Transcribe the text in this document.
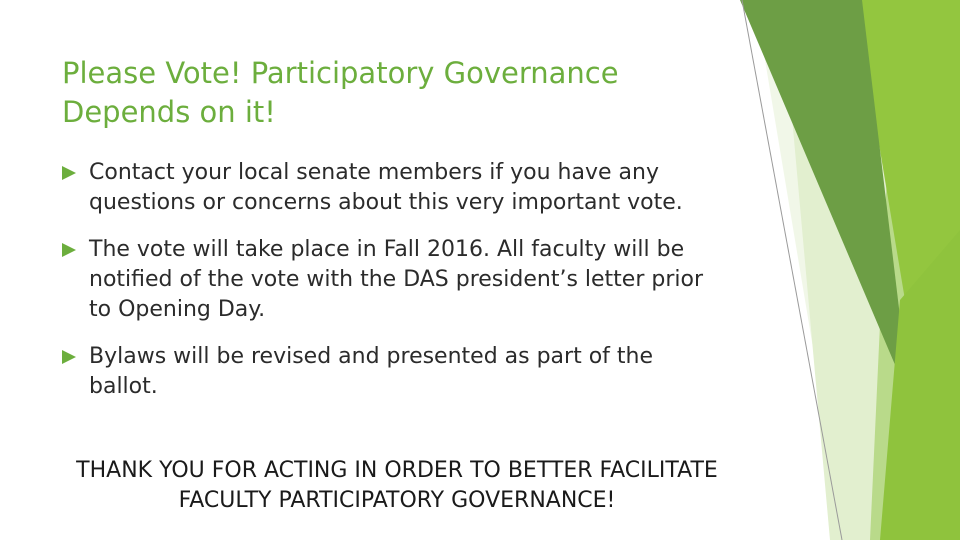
Please Vote! Participatory Governance Depends on it!
Contact your local senate members if you have any questions or concerns about this very important vote.
The vote will take place in Fall 2016. All faculty will be notified of the vote with the DAS president’s letter prior to Opening Day.
Bylaws will be revised and presented as part of the ballot.

THANK YOU FOR ACTING IN ORDER TO BETTER FACILITATE FACULTY PARTICIPATORY GOVERNANCE!
